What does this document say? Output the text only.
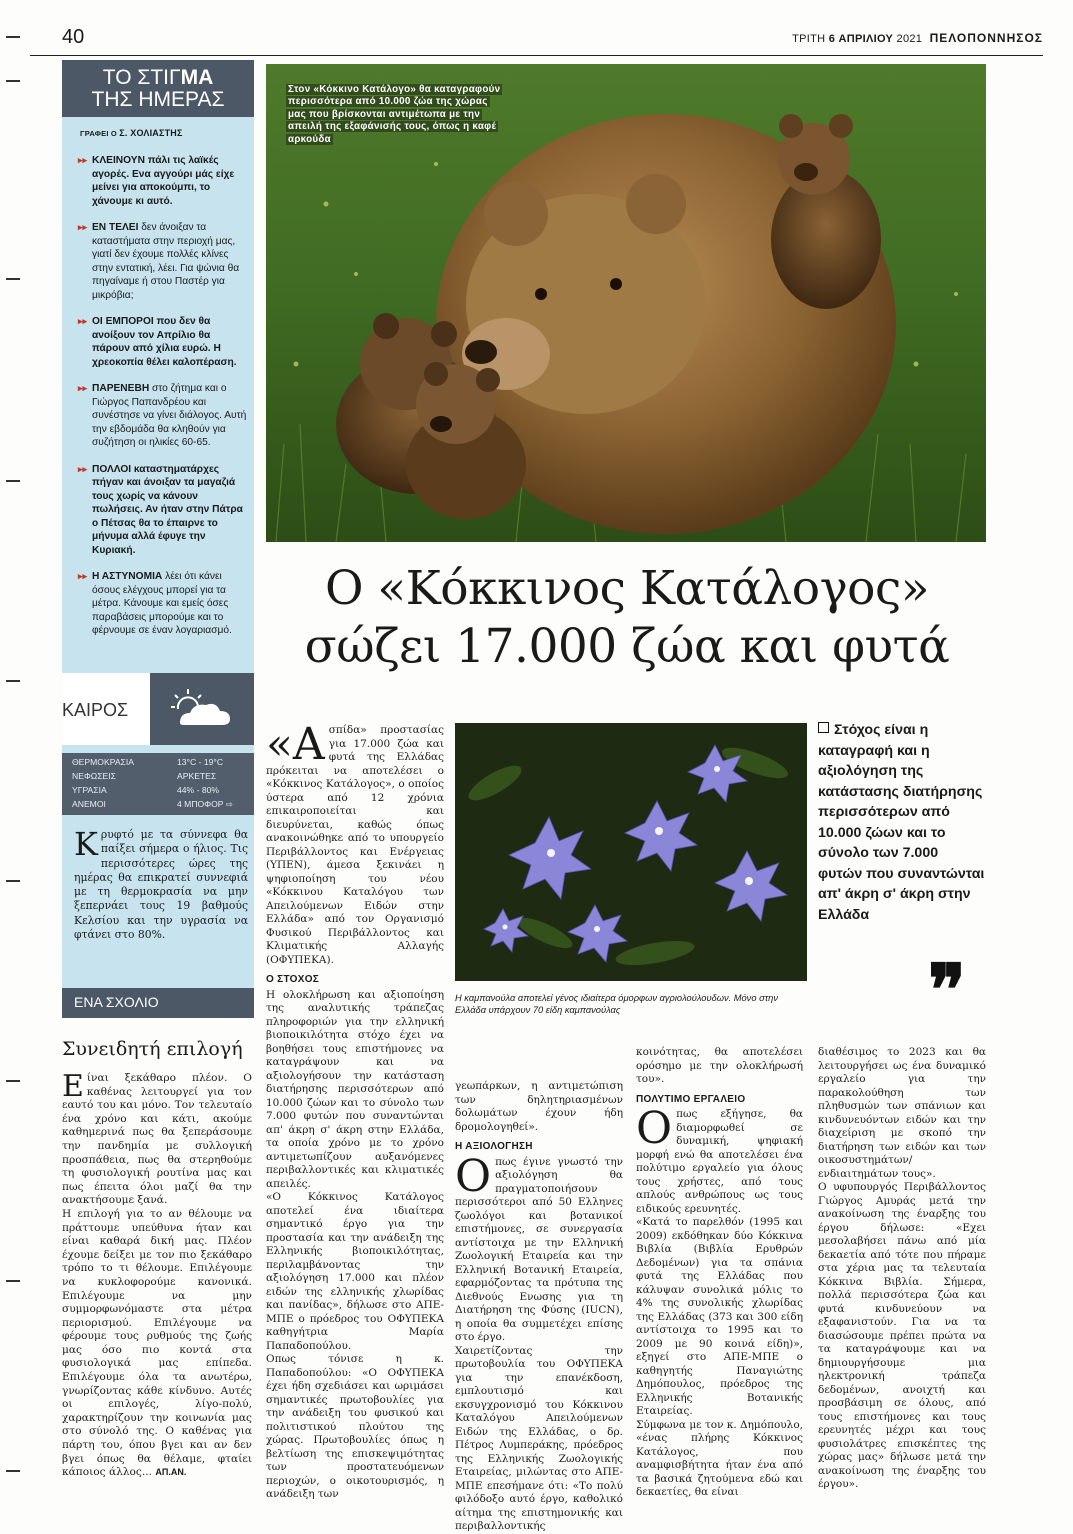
40	ΤΡΙΤΗ 6 ΑΠΡΙΛΙΟΥ 2021 ΠΕΛΟΠΟΝΝΗΣΟΣ
ΤΟ ΣΤΙΓΜΑ
ΤΗΣ ΗΜΕΡΑΣ
ΓΡΑΦΕΙ Ο Σ. ΧΟΛΙΑΣΤΗΣ
▸▸ ΚΛΕΙΝΟΥΝ πάλι τις λαϊκές αγορές. Ενα αγγούρι μάς είχε μείνει για αποκούμπι, το χάνουμε κι αυτό.
▸▸ ΕΝ ΤΕΛΕΙ δεν άνοιξαν τα καταστήματα στην περιοχή μας, γιατί δεν έχουμε πολλές κλίνες στην εντατική, λέει. Για ψώνια θα πηγαίναμε ή στου Παστέρ για μικρόβια;
▸▸ ΟΙ ΕΜΠΟΡΟΙ που δεν θα ανοίξουν τον Απρίλιο θα πάρουν από χίλια ευρώ. Η χρεοκοπία θέλει καλοπέραση.
▸▸ ΠΑΡΕΝΕΒΗ στο ζήτημα και ο Γιώργος Παπανδρέου και συνέστησε να γίνει διάλογος. Αυτή την εβδομάδα θα κληθούν για συζήτηση οι ηλικίες 60-65.
▸▸ ΠΟΛΛΟΙ καταστηματάρχες πήγαν και άνοιξαν τα μαγαζιά τους χωρίς να κάνουν πωλήσεις. Αν ήταν στην Πάτρα ο Πέτσας θα το έπαιρνε το μήνυμα αλλά έφυγε την Κυριακή.
▸▸ Η ΑΣΤΥΝΟΜΙΑ λέει ότι κάνει όσους ελέγχους μπορεί για τα μέτρα. Κάνουμε και εμείς όσες παραβάσεις μπορούμε και το φέρνουμε σε έναν λογαριασμό.
ΚΑΙΡΟΣ
ΘΕΡΜΟΚΡΑΣΙΑ	13°C - 19°C
ΝΕΦΩΣΕΙΣ	ΑΡΚΕΤΕΣ
ΥΓΡΑΣΙΑ	44% - 80%
ΑΝΕΜΟΙ	4 ΜΠΟΦΟΡ ⇨
Κρυφτό με τα σύννεφα θα παίξει σήμερα ο ήλιος. Τις περισσότερες ώρες της ημέρας θα επικρατεί συννεφιά με τη θερμοκρασία να μην ξεπερνάει τους 19 βαθμούς Κελσίου και την υγρασία να φτάνει στο 80%.
ΕΝΑ ΣΧΟΛΙΟ
Συνειδητή επιλογή
Είναι ξεκάθαρο πλέον. Ο καθένας λειτουργεί για τον εαυτό του και μόνο. Τον τελευταίο ένα χρόνο και κάτι, ακούμε καθημερινά πως θα ξεπεράσουμε την πανδημία με συλλογική προσπάθεια, πως θα στερηθούμε τη φυσιολογική ρουτίνα μας και πως έπειτα όλοι μαζί θα την ανακτήσουμε ξανά.
Η επιλογή για το αν θέλουμε να πράττουμε υπεύθυνα ήταν και είναι καθαρά δική μας. Πλέον έχουμε δείξει με τον πιο ξεκάθαρο τρόπο το τι θέλουμε. Επιλέγουμε να κυκλοφορούμε κανονικά. Επιλέγουμε να μην συμμορφωνόμαστε στα μέτρα περιορισμού. Επιλέγουμε να φέρουμε τους ρυθμούς της ζωής μας όσο πιο κοντά στα φυσιολογικά μας επίπεδα. Επιλέγουμε όλα τα ανωτέρω, γνωρίζοντας κάθε κίνδυνο. Αυτές οι επιλογές, λίγο-πολύ, χαρακτηρίζουν την κοινωνία μας στο σύνολό της. Ο καθένας για πάρτη του, όπου βγει και αν δεν βγει όπως θα θέλαμε, φταίει κάποιος άλλος... ΑΠ.ΑΝ.
Στον «Κόκκινο Κατάλογο» θα καταγραφούν περισσότερα από 10.000 ζώα της χώρας μας που βρίσκονται αντιμέτωπα με την απειλή της εξαφάνισής τους, όπως η καφέ αρκούδα
Ο «Κόκκινος Κατάλογος»
σώζει 17.000 ζώα και φυτά

«Α σπίδα» προστασίας για 17.000 ζώα και φυτά της Ελλάδας πρόκειται να αποτελέσει ο «Κόκκινος Κατάλογος», ο οποίος ύστερα από 12 χρόνια επικαιροποιείται και διευρύνεται, καθώς όπως ανακοινώθηκε από το υπουργείο Περιβάλλοντος και Ενέργειας (ΥΠΕΝ), άμεσα ξεκινάει η ψηφιοποίηση του νέου «Κόκκινου Καταλόγου των Απειλούμενων Ειδών στην Ελλάδα» από τον Οργανισμό Φυσικού Περιβάλλοντος και Κλιματικής Αλλαγής (ΟΦΥΠΕΚΑ).

Ο ΣΤΟΧΟΣ

Η ολοκλήρωση και αξιοποίηση της αναλυτικής τράπεζας πληροφοριών για την ελληνική βιοποικιλότητα στόχο έχει να βοηθήσει τους επιστήμονες να καταγράψουν και να αξιολογήσουν την κατάσταση διατήρησης περισσότερων από 10.000 ζώων και το σύνολο των 7.000 φυτών που συναντώνται απ' άκρη σ' άκρη στην Ελλάδα, τα οποία χρόνο με το χρόνο αντιμετωπίζουν αυξανόμενες περιβαλλοντικές και κλιματικές απειλές.

«Ο Κόκκινος Κατάλογος αποτελεί ένα ιδιαίτερα σημαντικό έργο για την προστασία και την ανάδειξη της Ελληνικής βιοποικιλότητας, περιλαμβάνοντας την αξιολόγηση 17.000 και πλέον ειδών της ελληνικής χλωρίδας και πανίδας», δήλωσε στο ΑΠΕ-ΜΠΕ ο πρόεδρος του ΟΦΥΠΕΚΑ καθηγήτρια Μαρία Παπαδοπούλου.

Οπως τόνισε η κ. Παπαδοπούλου: «Ο ΟΦΥΠΕΚΑ έχει ήδη σχεδιάσει και ωριμάσει σημαντικές πρωτοβουλίες για την ανάδειξη του φυσικού και πολιτιστικού πλούτου της χώρας. Πρωτοβουλίες όπως η βελτίωση της επισκεψιμότητας των προστατευόμενων περιοχών, ο οικοτουρισμός, η ανάδειξη των

Η καμπανούλα αποτελεί γένος ιδιαίτερα όμορφων αγριολούλουδων. Μόνο στην Ελλάδα υπάρχουν 70 είδη καμπανούλας
Στόχος είναι η καταγραφή και η αξιολόγηση της κατάστασης διατήρησης περισσότερων από 10.000 ζώων και το σύνολο των 7.000 φυτών που συναντώνται απ' άκρη σ' άκρη στην Ελλάδα
❞

γεωπάρκων, η αντιμετώπιση των δηλητηριασμένων δολωμάτων έχουν ήδη δρομολογηθεί».

Η ΑΞΙΟΛΟΓΗΣΗ

Οπως έγινε γνωστό την αξιολόγηση θα πραγματοποιήσουν περισσότεροι από 50 Ελληνες ζωολόγοι και βοτανικοί επιστήμονες, σε συνεργασία αντίστοιχα με την Ελληνική Ζωολογική Εταιρεία και την Ελληνική Βοτανική Εταιρεία, εφαρμόζοντας τα πρότυπα της Διεθνούς Ενωσης για τη Διατήρηση της Φύσης (IUCN), η οποία θα συμμετέχει επίσης στο έργο.

Χαιρετίζοντας την πρωτοβουλία του ΟΦΥΠΕΚΑ για την επανέκδοση, εμπλουτισμό και εκσυγχρονισμό του Κόκκινου Καταλόγου Απειλούμενων Ειδών της Ελλάδας, ο δρ. Πέτρος Λυμπεράκης, πρόεδρος της Ελληνικής Ζωολογικής Εταιρείας, μιλώντας στο ΑΠΕ-ΜΠΕ επεσήμανε ότι: «Το πολύ φιλόδοξο αυτό έργο, καθολικό αίτημα της επιστημονικής και περιβαλλοντικής

κοινότητας, θα αποτελέσει ορόσημο με την ολοκλήρωσή του».

ΠΟΛΥΤΙΜΟ ΕΡΓΑΛΕΙΟ

Οπως εξήγησε, θα διαμορφωθεί σε δυναμική, ψηφιακή μορφή ενώ θα αποτελέσει ένα πολύτιμο εργαλείο για όλους τους χρήστες, από τους απλούς ανθρώπους ως τους ειδικούς ερευνητές.

«Κατά το παρελθόν (1995 και 2009) εκδόθηκαν δύο Κόκκινα Βιβλία (Βιβλία Ερυθρών Δεδομένων) για τα σπάνια φυτά της Ελλάδας που κάλυψαν συνολικά μόλις το 4% της συνολικής χλωρίδας της Ελλάδας (373 και 300 είδη αντίστοιχα το 1995 και το 2009 με 90 κοινά είδη)», εξηγεί στο ΑΠΕ-ΜΠΕ ο καθηγητής Παναγιώτης Δημόπουλος, πρόεδρος της Ελληνικής Βοτανικής Εταιρείας.

Σύμφωνα με τον κ. Δημόπουλο, «ένας πλήρης Κόκκινος Κατάλογος, που αναμφισβήτητα ήταν ένα από τα βασικά ζητούμενα εδώ και δεκαετίες, θα είναι

διαθέσιμος το 2023 και θα λειτουργήσει ως ένα δυναμικό εργαλείο για την παρακολούθηση των πληθυσμών των σπάνιων και κινδυνευόντων ειδών και την διαχείριση με σκοπό την διατήρηση των ειδών και των οικοσυστημάτων/ενδιαιτημάτων τους».

Ο υφυπουργός Περιβάλλοντος Γιώργος Αμυράς μετά την ανακοίνωση της έναρξης του έργου δήλωσε: «Εχει μεσολαβήσει πάνω από μία δεκαετία από τότε που πήραμε στα χέρια μας τα τελευταία Κόκκινα Βιβλία. Σήμερα, πολλά περισσότερα ζώα και φυτά κινδυνεύουν να εξαφανιστούν. Για να τα διασώσουμε πρέπει πρώτα να τα καταγράψουμε και να δημιουργήσουμε μια ηλεκτρονική τράπεζα δεδομένων, ανοιχτή και προσβάσιμη σε όλους, από τους επιστήμονες και τους ερευνητές μέχρι και τους φυσιολάτρες επισκέπτες της χώρας μας» δήλωσε μετά την ανακοίνωση της έναρξης του έργου».
